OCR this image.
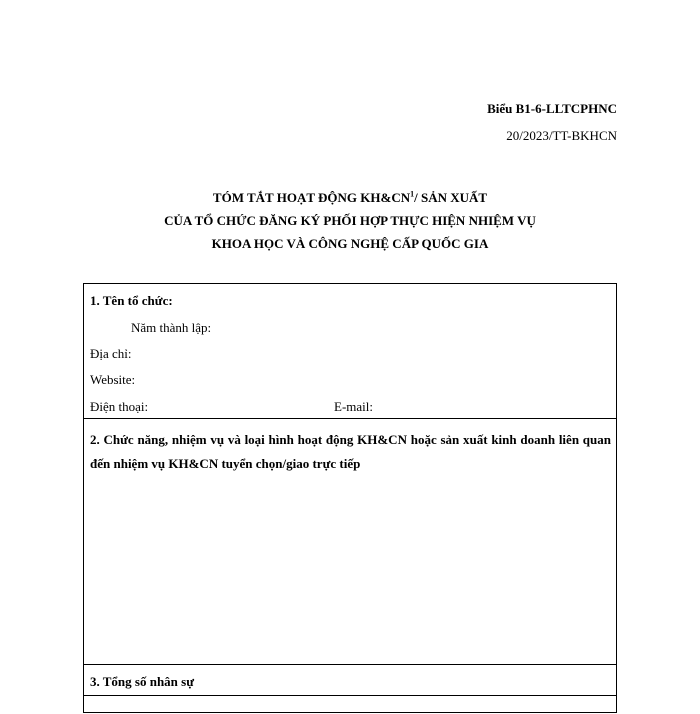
Biểu B1-6-LLTCPHNC
20/2023/TT-BKHCN
TÓM TẮT HOẠT ĐỘNG $KH\&CN^1/$ SẢN XUẤT
CỦA TỔ CHỨC ĐĂNG KÝ PHỐI HỢP THỰC HIỆN NHIỆM VỤ
KHOA HỌC VÀ CÔNG NGHỆ CẤP QUỐC GIA
1. Tên tổ chức:
Năm thành lập:
Địa chỉ:
Website:
Điện thoại:	E-mail:
2. Chức năng, nhiệm vụ và loại hình hoạt động KH&CN hoặc sản xuất kinh doanh liên quan đến nhiệm vụ KH&CN tuyển chọn/giao trực tiếp
3. Tổng số nhân sự
